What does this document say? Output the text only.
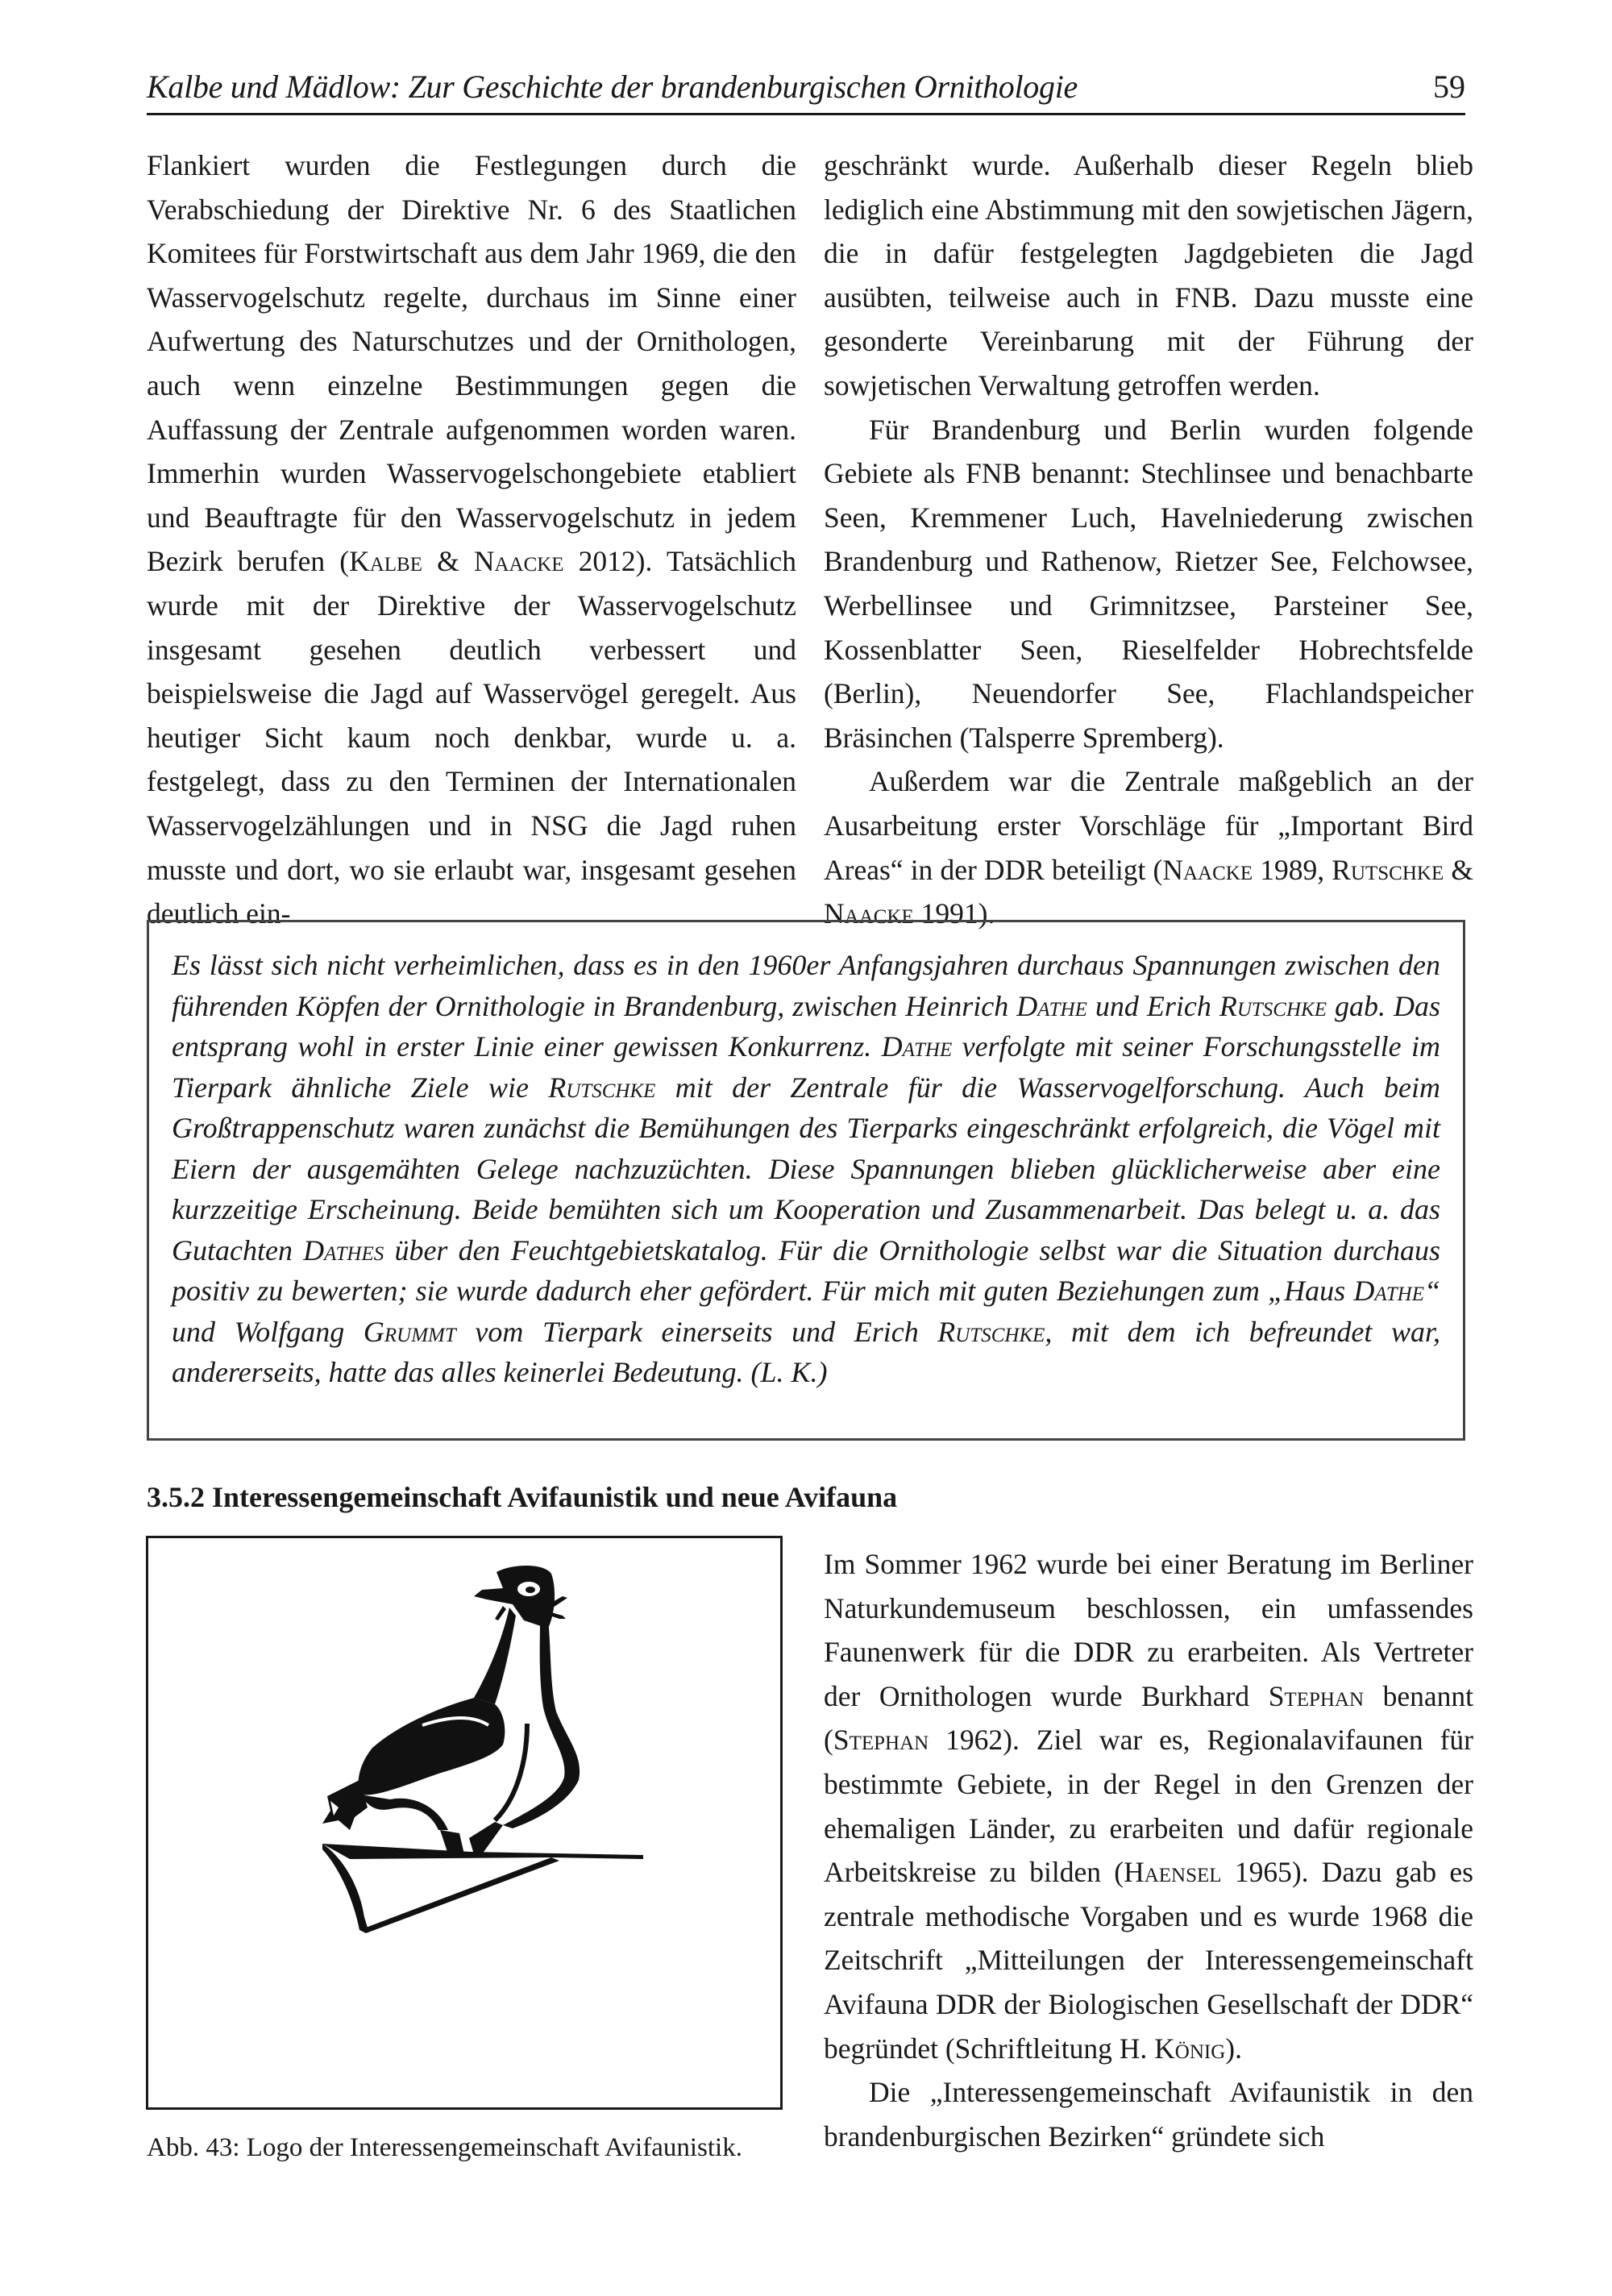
Kalbe und Mädlow: Zur Geschichte der brandenburgischen Ornithologie	59

Flankiert wurden die Festlegungen durch die Verabschiedung der Direktive Nr. 6 des Staatlichen Komitees für Forstwirtschaft aus dem Jahr 1969, die den Wasservogelschutz regelte, durchaus im Sinne einer Aufwertung des Naturschutzes und der Ornithologen, auch wenn einzelne Bestimmungen gegen die Auffassung der Zentrale aufgenommen worden waren. Immerhin wurden Wasservogelschongebiete etabliert und Beauftragte für den Wasservogelschutz in jedem Bezirk berufen (Kalbe & Naacke 2012). Tatsächlich wurde mit der Direktive der Wasservogelschutz insgesamt gesehen deutlich verbessert und beispielsweise die Jagd auf Wasservögel geregelt. Aus heutiger Sicht kaum noch denkbar, wurde u. a. festgelegt, dass zu den Terminen der Internationalen Wasservogelzählungen und in NSG die Jagd ruhen musste und dort, wo sie erlaubt war, insgesamt gesehen deutlich ein-

geschränkt wurde. Außerhalb dieser Regeln blieb lediglich eine Abstimmung mit den sowjetischen Jägern, die in dafür festgelegten Jagdgebieten die Jagd ausübten, teilweise auch in FNB. Dazu musste eine gesonderte Vereinbarung mit der Führung der sowjetischen Verwaltung getroffen werden.

Für Brandenburg und Berlin wurden folgende Gebiete als FNB benannt: Stechlinsee und benachbarte Seen, Kremmener Luch, Havelniederung zwischen Brandenburg und Rathenow, Rietzer See, Felchowsee, Werbellinsee und Grimnitzsee, Parsteiner See, Kossenblatter Seen, Rieselfelder Hobrechtsfelde (Berlin), Neuendorfer See, Flachlandspeicher Bräsinchen (Talsperre Spremberg).

Außerdem war die Zentrale maßgeblich an der Ausarbeitung erster Vorschläge für „Important Bird Areas“ in der DDR beteiligt (Naacke 1989, Rutschke & Naacke 1991).

Es lässt sich nicht verheimlichen, dass es in den 1960er Anfangsjahren durchaus Spannungen zwischen den führenden Köpfen der Ornithologie in Brandenburg, zwischen Heinrich Dathe und Erich Rutschke gab. Das entsprang wohl in erster Linie einer gewissen Konkurrenz. Dathe verfolgte mit seiner Forschungsstelle im Tierpark ähnliche Ziele wie Rutschke mit der Zentrale für die Wasservogelforschung. Auch beim Großtrappenschutz waren zunächst die Bemühungen des Tierparks eingeschränkt erfolgreich, die Vögel mit Eiern der ausgemähten Gelege nachzuzüchten. Diese Spannungen blieben glücklicherweise aber eine kurzzeitige Erscheinung. Beide bemühten sich um Kooperation und Zusammenarbeit. Das belegt u. a. das Gutachten Dathes über den Feuchtgebietskatalog. Für die Ornithologie selbst war die Situation durchaus positiv zu bewerten; sie wurde dadurch eher gefördert. Für mich mit guten Beziehungen zum „Haus Dathe“ und Wolfgang Grummt vom Tierpark einerseits und Erich Rutschke, mit dem ich befreundet war, andererseits, hatte das alles keinerlei Bedeutung. (L. K.)

3.5.2 Interessengemeinschaft Avifaunistik und neue Avifauna
Abb. 43: Logo der Interessengemeinschaft Avifaunistik.

Im Sommer 1962 wurde bei einer Beratung im Berliner Naturkundemuseum beschlossen, ein umfassendes Faunenwerk für die DDR zu erarbeiten. Als Vertreter der Ornithologen wurde Burkhard Stephan benannt (Stephan 1962). Ziel war es, Regionalavifaunen für bestimmte Gebiete, in der Regel in den Grenzen der ehemaligen Länder, zu erarbeiten und dafür regionale Arbeitskreise zu bilden (Haensel 1965). Dazu gab es zentrale methodische Vorgaben und es wurde 1968 die Zeitschrift „Mitteilungen der Interessengemeinschaft Avifauna DDR der Biologischen Gesellschaft der DDR“ begründet (Schriftleitung H. König).

Die „Interessengemeinschaft Avifaunistik in den brandenburgischen Bezirken“ gründete sich
